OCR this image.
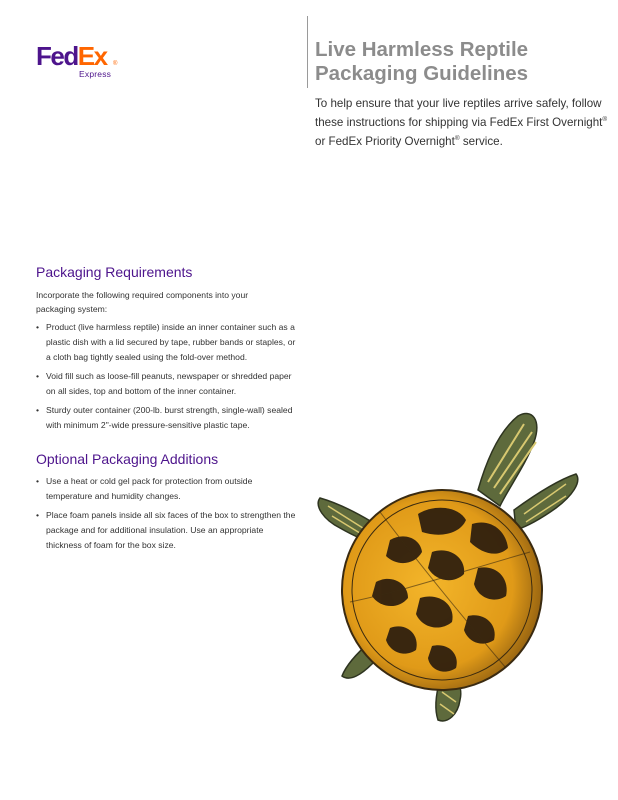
FedEx ®
Express
Live Harmless Reptile
Packaging Guidelines

To help ensure that your live reptiles arrive safely, follow these instructions for shipping via FedEx First Overnight® or FedEx Priority Overnight® service.

Packaging Requirements

Incorporate the following required components into your packaging system:

• Product (live harmless reptile) inside an inner container such as a plastic dish with a lid secured by tape, rubber bands or staples, or a cloth bag tightly sealed using the fold-over method.
• Void fill such as loose-fill peanuts, newspaper or shredded paper on all sides, top and bottom of the inner container.
• Sturdy outer container (200-lb. burst strength, single-wall) sealed with minimum 2"-wide pressure-sensitive plastic tape.
Optional Packaging Additions
• Use a heat or cold gel pack for protection from outside temperature and humidity changes.
• Place foam panels inside all six faces of the box to strengthen the package and for additional insulation. Use an appropriate thickness of foam for the box size.
